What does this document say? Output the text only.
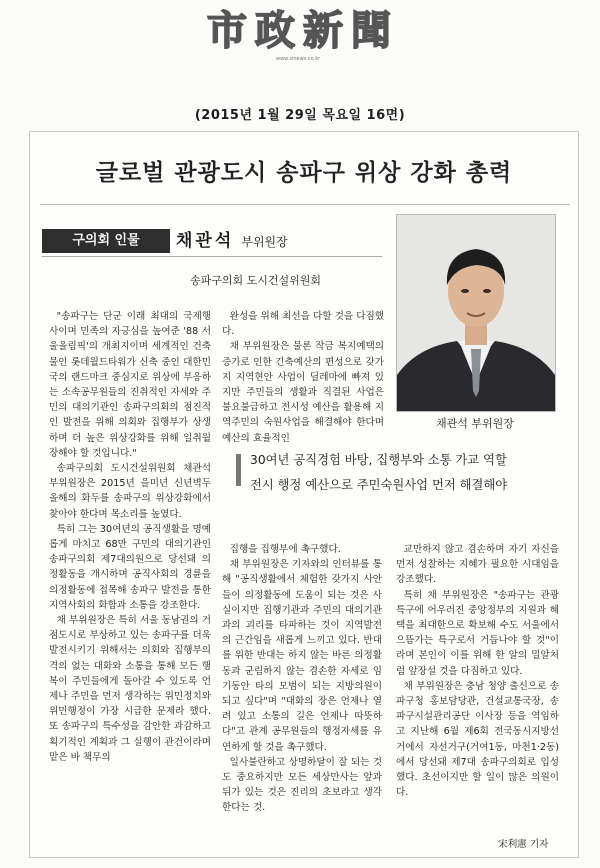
市政新聞
www.sinews.co.kr
(2015년 1월 29일 목요일 16면)
글로벌 관광도시 송파구 위상 강화 총력
구의회 인물	채관석 부위원장
송파구의회 도시건설위원회
채관석 부위원장

"송파구는 단군 이래 최대의 국제행사이며 민족의 자긍심을 높여준 '88 서울올림픽'의 개최지이며 세계적인 건축물인 롯데월드타워가 신축 중인 대한민국의 랜드마크 중심지로 위상에 부응하는 소속공무원들의 진취적인 자세와 주민의 대의기관인 송파구의회의 점진적인 발전을 위해 의회와 집행부가 상생하며 더 높은 위상강화를 위해 일취월장해야 할 것입니다."

송파구의회 도시건설위원회 채관석 부위원장은 2015년 을미년 신년벽두 올해의 화두를 송파구의 위상강화에서 찾아야 한다며 목소리를 높였다.

특히 그는 30여년의 공직생활을 명예롭게 마치고 68만 구민의 대의기관인 송파구의회 제7대의원으로 당선돼 의정활동을 개시하며 공직사회의 경륜을 의정활동에 접목해 송파구 발전을 통한 지역사회의 화합과 소통을 강조한다.

채 부위원장은 특히 서울 동남권의 거점도시로 부상하고 있는 송파구를 더욱 발전시키기 위해서는 의회와 집행부의 격의 없는 대화와 소통을 통해 모든 행복이 주민들에게 돌아갈 수 있도록 언제나 주민을 먼저 생각하는 위민정치와 위민행정이 가장 시급한 문제라 했다. 또 송파구의 특수성을 감안한 과감하고 획기적인 계획과 그 실행이 관건이라며 맡은 바 책무의

완성을 위해 최선을 다할 것을 다짐했다.

채 부위원장은 물론 작금 복지예택의 증가로 인한 긴축예산의 편성으로 갖가지 지역현안 사업이 딜레마에 빠져 있지만 주민들의 생활과 직결된 사업은 불요불급하고 전시성 예산을 활용해 지역주민의 숙원사업을 해결해야 한다며 예산의 효율적인

30여년 공직경험 바탕, 집행부와 소통 가교 역할
전시 행정 예산으로 주민숙원사업 먼저 해결해야

집행을 집행부에 촉구했다.

채 부위원장은 기자와의 인터뷰를 통해 "공직생활에서 체험한 갖가지 사안들이 의정활동에 도움이 되는 것은 사실이지만 집행기관과 주민의 대의기관과의 괴리를 타파하는 것이 지역발전의 근간임을 새롭게 느끼고 있다. 반대를 위한 반대는 하지 않는 바른 의정활동과 군림하지 않는 겸손한 자세로 임기동안 타의 모범이 되는 지방의원이 되고 싶다"며 "대화의 장은 언제나 열려 있고 소통의 길은 언제나 따뜻하다"고 관계 공무원들의 행정자세를 유연하게 할 것을 촉구했다.

일사불란하고 상명하달이 잘 되는 것도 중요하지만 모든 세상만사는 앞과 뒤가 있는 것은 진리의 초보라고 생각한다는 것.

교만하지 않고 겸손하며 자기 자신을 먼저 성찰하는 지혜가 필요한 시대임을 강조했다.

특히 채 부위원장은 "송파구는 관광특구에 어우러진 중앙정부의 지원과 혜택을 최대한으로 확보해 수도 서울에서 으뜸가는 특구로서 거듭나야 할 것"이라며 본인이 이를 위해 한 알의 밀알처럼 앞장설 것을 다짐하고 있다.

채 부위원장은 충남 청양 출신으로 송파구청 홍보담당관, 건설교통국장, 송파구시설관리공단 이사장 등을 역임하고 지난해 6월 제6회 전국동시지방선거에서 자선거구(거여1동, 마천1·2동)에서 당선돼 제7대 송파구의회로 입성했다. 초선이지만 할 일이 많은 의원이다.

宋利憲 기자
